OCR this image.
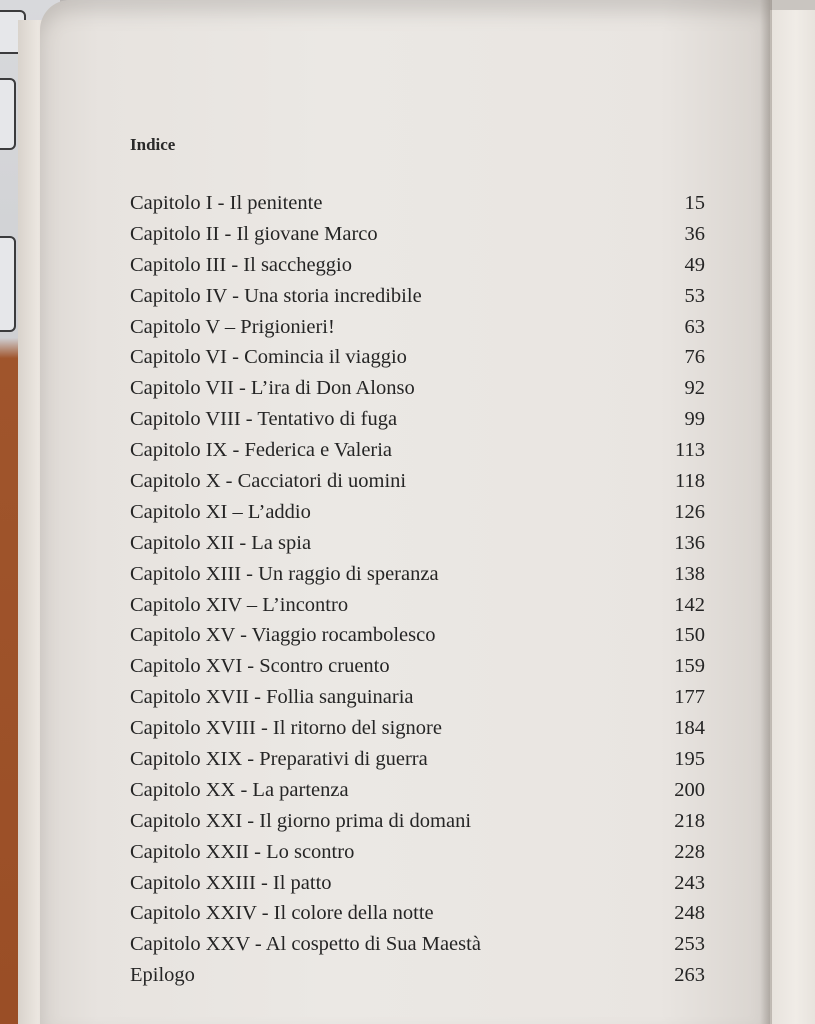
Indice
Capitolo I - Il penitente	15
Capitolo II - Il giovane Marco	36
Capitolo III - Il saccheggio	49
Capitolo IV - Una storia incredibile	53
Capitolo V – Prigionieri!	63
Capitolo VI - Comincia il viaggio	76
Capitolo VII - L’ira di Don Alonso	92
Capitolo VIII - Tentativo di fuga	99
Capitolo IX - Federica e Valeria	113
Capitolo X - Cacciatori di uomini	118
Capitolo XI – L’addio	126
Capitolo XII - La spia	136
Capitolo XIII - Un raggio di speranza	138
Capitolo XIV – L’incontro	142
Capitolo XV - Viaggio rocambolesco	150
Capitolo XVI - Scontro cruento	159
Capitolo XVII - Follia sanguinaria	177
Capitolo XVIII - Il ritorno del signore	184
Capitolo XIX - Preparativi di guerra	195
Capitolo XX - La partenza	200
Capitolo XXI - Il giorno prima di domani	218
Capitolo XXII - Lo scontro	228
Capitolo XXIII - Il patto	243
Capitolo XXIV - Il colore della notte	248
Capitolo XXV - Al cospetto di Sua Maestà	253
Epilogo	263
